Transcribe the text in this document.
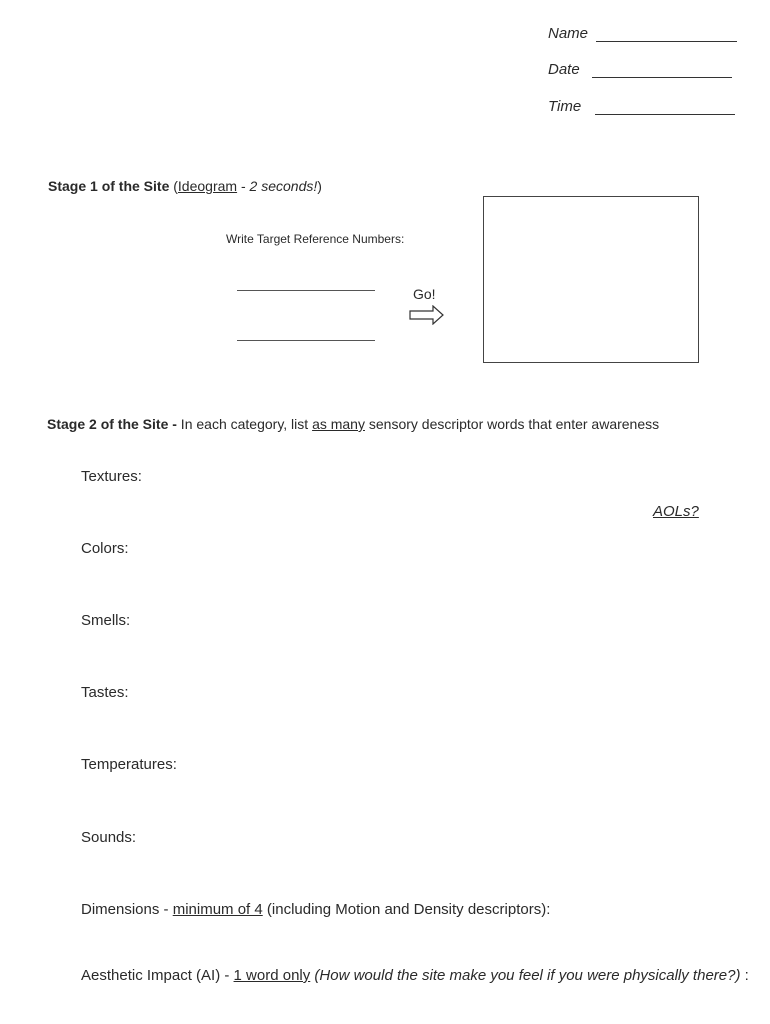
Name
Date
Time
Stage 1 of the Site (Ideogram - 2 seconds!)
Write Target Reference Numbers:
Go!
Stage 2 of the Site - In each category, list as many sensory descriptor words that enter awareness
AOLs?
Textures:
Colors:
Smells:
Tastes:
Temperatures:
Sounds:
Dimensions - minimum of 4 (including Motion and Density descriptors):
Aesthetic Impact (AI) - 1 word only (How would the site make you feel if you were physically there?) :
